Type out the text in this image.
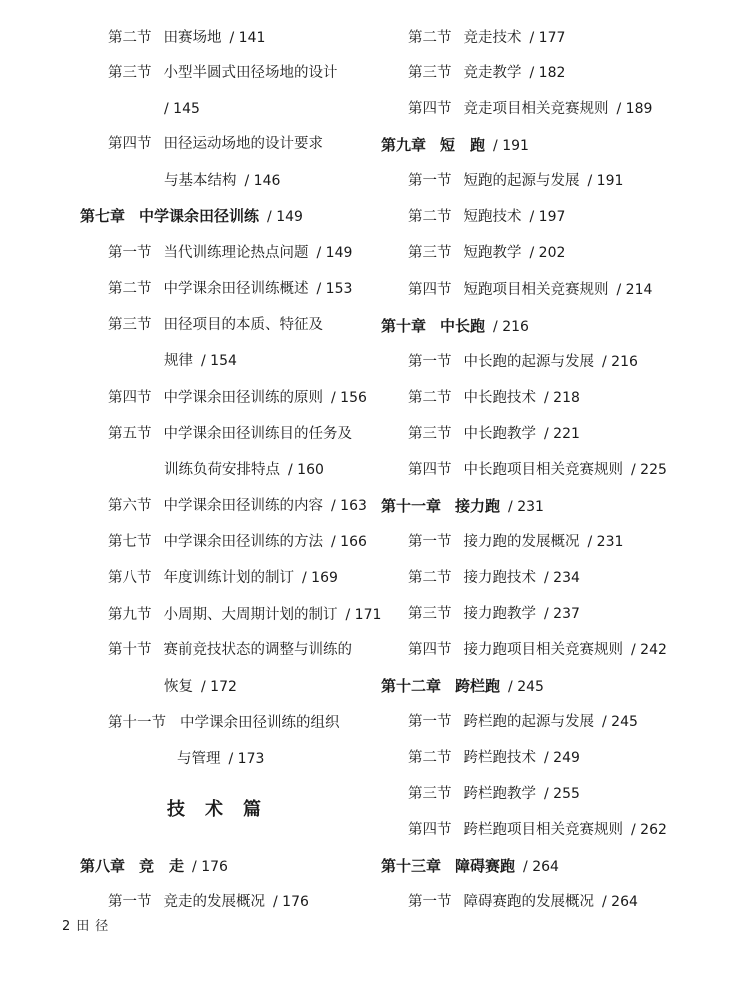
第二节 田赛场地 / 141
第三节 小型半圆式田径场地的设计
/ 145
第四节 田径运动场地的设计要求
与基本结构 / 146
第七章 中学课余田径训练 / 149
第一节 当代训练理论热点问题 / 149
第二节 中学课余田径训练概述 / 153
第三节 田径项目的本质、特征及
规律 / 154
第四节 中学课余田径训练的原则 / 156
第五节 中学课余田径训练目的任务及
训练负荷安排特点 / 160
第六节 中学课余田径训练的内容 / 163
第七节 中学课余田径训练的方法 / 166
第八节 年度训练计划的制订 / 169
第九节 小周期、大周期计划的制订 / 171
第十节 赛前竞技状态的调整与训练的
恢复 / 172
第十一节 中学课余田径训练的组织
与管理 / 173
技术篇
第八章 竞　走 / 176
第一节 竞走的发展概况 / 176
第二节 竞走技术 / 177
第三节 竞走教学 / 182
第四节 竞走项目相关竞赛规则 / 189
第九章 短　跑 / 191
第一节 短跑的起源与发展 / 191
第二节 短跑技术 / 197
第三节 短跑教学 / 202
第四节 短跑项目相关竞赛规则 / 214
第十章 中长跑 / 216
第一节 中长跑的起源与发展 / 216
第二节 中长跑技术 / 218
第三节 中长跑教学 / 221
第四节 中长跑项目相关竞赛规则 / 225
第十一章 接力跑 / 231
第一节 接力跑的发展概况 / 231
第二节 接力跑技术 / 234
第三节 接力跑教学 / 237
第四节 接力跑项目相关竞赛规则 / 242
第十二章 跨栏跑 / 245
第一节 跨栏跑的起源与发展 / 245
第二节 跨栏跑技术 / 249
第三节 跨栏跑教学 / 255
第四节 跨栏跑项目相关竞赛规则 / 262
第十三章 障碍赛跑 / 264
第一节 障碍赛跑的发展概况 / 264
2 田径
